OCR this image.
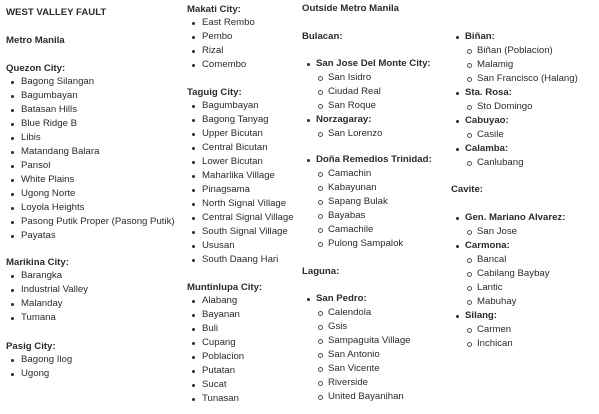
WEST VALLEY FAULT
Metro Manila
Quezon City:
Bagong Silangan
Bagumbayan
Batasan Hills
Blue Ridge B
Libis
Matandang Balara
Pansol
White Plains
Ugong Norte
Loyola Heights
Pasong Putik Proper (Pasong Putik)
Payatas
Marikina City:
Barangka
Industrial Valley
Malanday
Tumana
Pasig City:
Bagong Ilog
Ugong
Makati City:
East Rembo
Pembo
Rizal
Comembo
Taguig City:
Bagumbayan
Bagong Tanyag
Upper Bicutan
Central Bicutan
Lower Bicutan
Maharlika Village
Pinagsama
North Signal Village
Central Signal Village
South Signal Village
Ususan
South Daang Hari
Muntinlupa City:
Alabang
Bayanan
Buli
Cupang
Poblacion
Putatan
Sucat
Tunasan
Outside Metro Manila
Bulacan:
San Jose Del Monte City:
San Isidro
Ciudad Real
San Roque
Norzagaray:
San Lorenzo
Doña Remedios Trinidad:
Camachin
Kabayunan
Sapang Bulak
Bayabas
Camachile
Pulong Sampalok
Laguna:
San Pedro:
Calendola
Gsis
Sampaguita Village
San Antonio
San Vicente
Riverside
United Bayanihan
Biñan:
Biñan (Poblacion)
Malamig
San Francisco (Halang)
Sta. Rosa:
Sto Domingo
Cabuyao:
Casile
Calamba:
Canlubang
Cavite:
Gen. Mariano Alvarez:
San Jose
Carmona:
Bancal
Cabilang Baybay
Lantic
Mabuhay
Silang:
Carmen
Inchican
